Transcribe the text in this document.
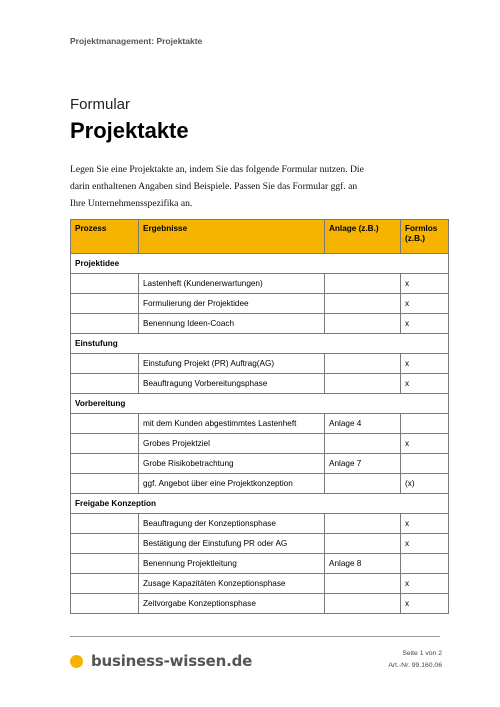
Projektmanagement: Projektakte
Formular
Projektakte
Legen Sie eine Projektakte an, indem Sie das folgende Formular nutzen. Die darin enthaltenen Angaben sind Beispiele. Passen Sie das Formular ggf. an Ihre Unternehmensspezifika an.
Prozess	Ergebnisse	Anlage (z.B.)	Formlos (z.B.)
Projektidee			
	Lastenheft (Kundenerwartungen)		x
	Formulierung der Projektidee		x
	Benennung Ideen-Coach		x
Einstufung			
	Einstufung Projekt (PR) Auftrag(AG)		x
	Beauftragung Vorbereitungsphase		x
Vorbereitung			
	mit dem Kunden abgestimmtes Lastenheft	Anlage 4	
	Grobes Projektziel		x
	Grobe Risikobetrachtung	Anlage 7	
	ggf. Angebot über eine Projektkonzeption		(x)
Freigabe Konzeption			
	Beauftragung der Konzeptionsphase		x
	Bestätigung der Einstufung PR oder AG		x
	Benennung Projektleitung	Anlage 8	
	Zusage Kapazitäten Konzeptionsphase		x
	Zeitvorgabe Konzeptionsphase		x
business-wissen.de	Seite 1 von 2
Art.-Nr. 99.160.06
